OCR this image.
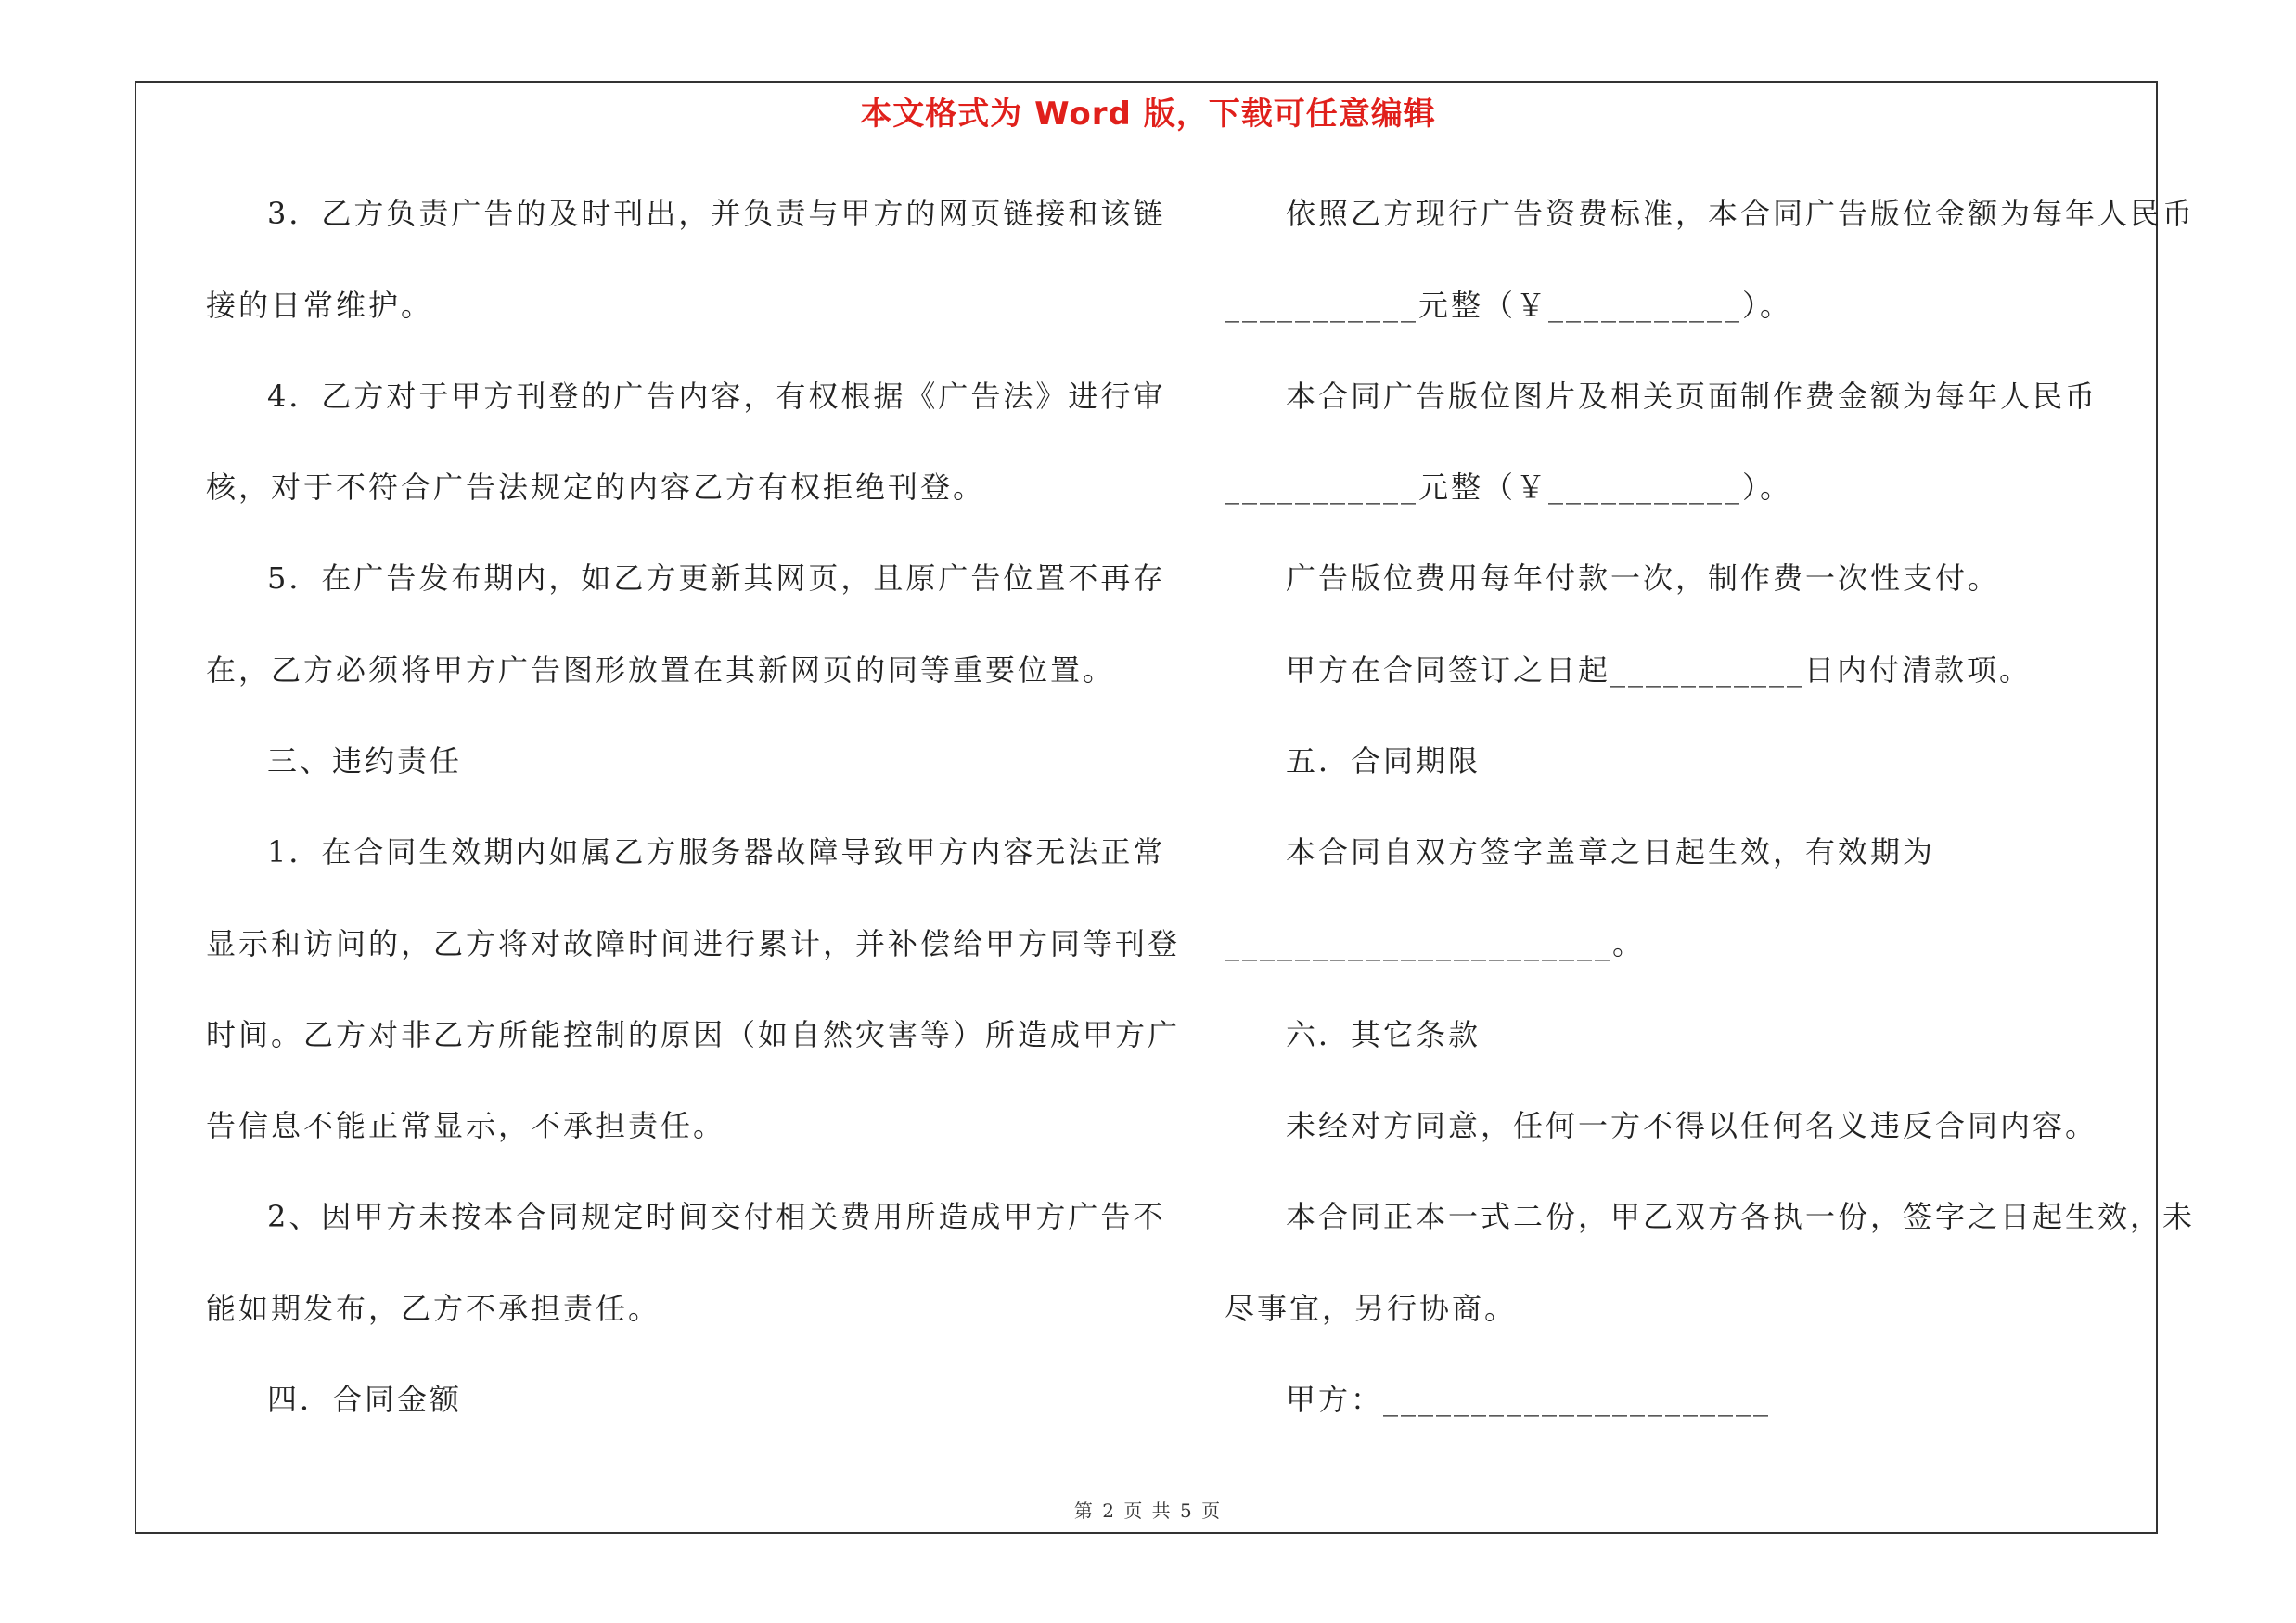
本文格式为 Word 版，下载可任意编辑
3．乙方负责广告的及时刊出，并负责与甲方的网页链接和该链
接的日常维护。
4．乙方对于甲方刊登的广告内容，有权根据《广告法》进行审
核，对于不符合广告法规定的内容乙方有权拒绝刊登。
5．在广告发布期内，如乙方更新其网页，且原广告位置不再存
在，乙方必须将甲方广告图形放置在其新网页的同等重要位置。
三、违约责任
1．在合同生效期内如属乙方服务器故障导致甲方内容无法正常
显示和访问的，乙方将对故障时间进行累计，并补偿给甲方同等刊登
时间。乙方对非乙方所能控制的原因（如自然灾害等）所造成甲方广
告信息不能正常显示，不承担责任。
2、因甲方未按本合同规定时间交付相关费用所造成甲方广告不
能如期发布，乙方不承担责任。
四．合同金额
依照乙方现行广告资费标准，本合同广告版位金额为每年人民币
___________元整（￥___________）。
本合同广告版位图片及相关页面制作费金额为每年人民币
___________元整（￥___________）。
广告版位费用每年付款一次，制作费一次性支付。
甲方在合同签订之日起___________日内付清款项。
五．合同期限
本合同自双方签字盖章之日起生效，有效期为
______________________。
六．其它条款
未经对方同意，任何一方不得以任何名义违反合同内容。
本合同正本一式二份，甲乙双方各执一份，签字之日起生效，未
尽事宜，另行协商。
甲方：______________________
第 2 页 共 5 页
